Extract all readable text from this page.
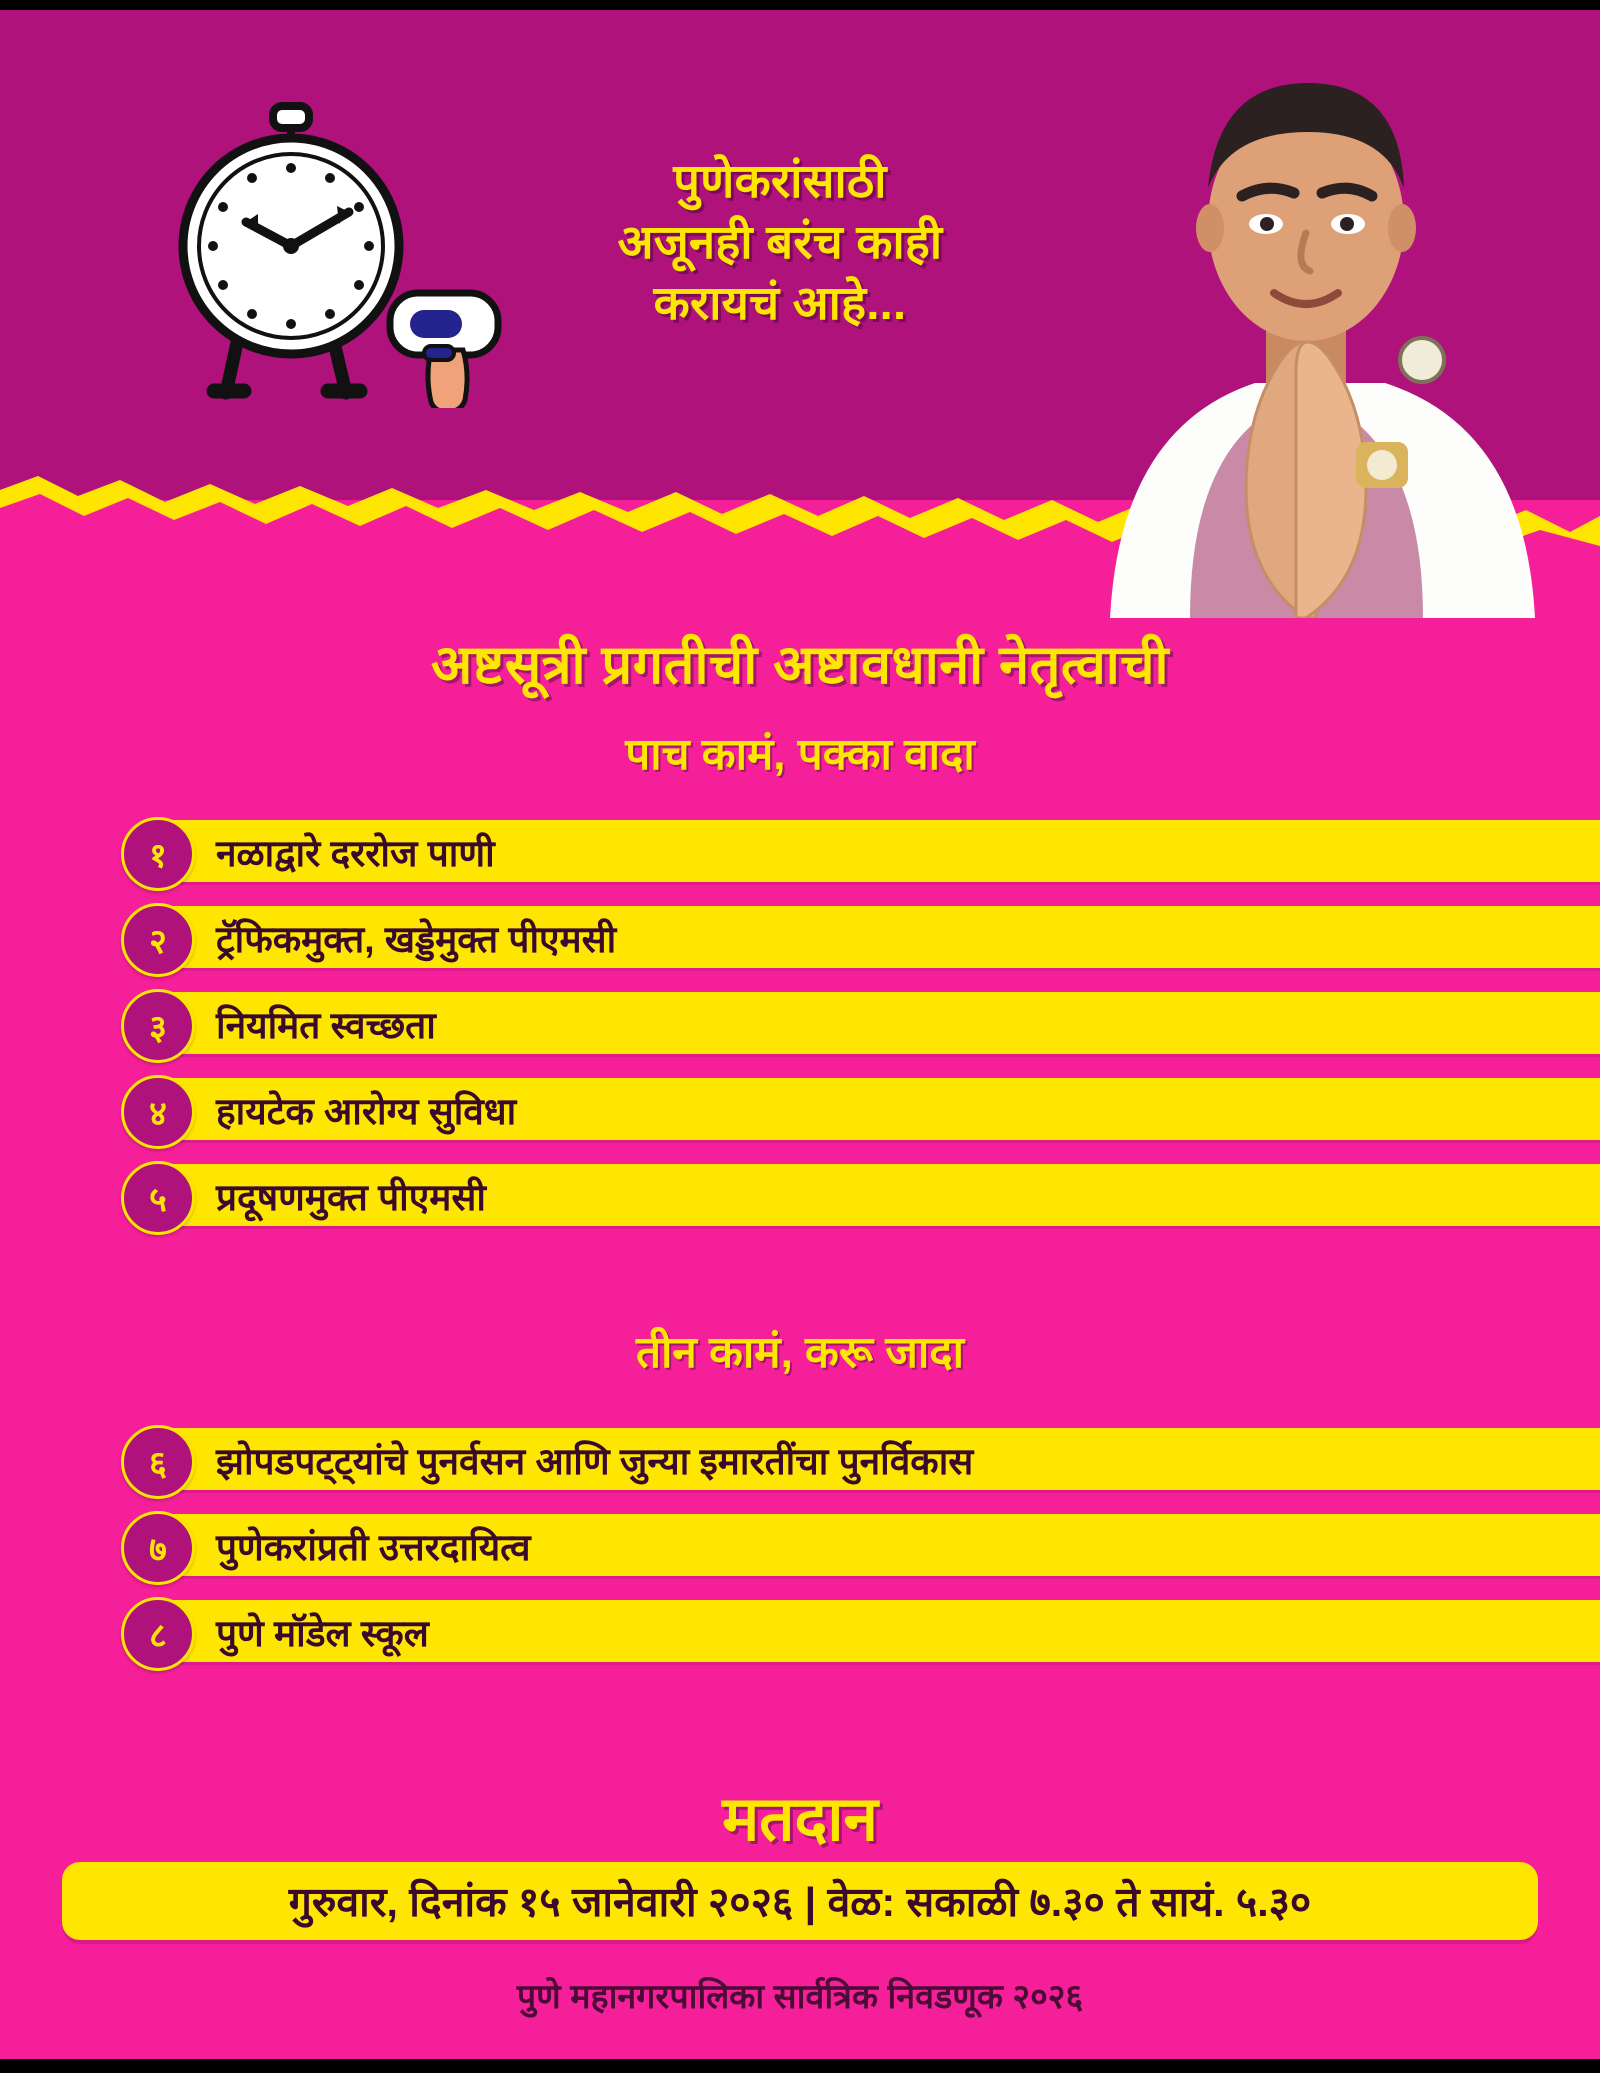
पुणेकरांसाठी
अजूनही बरंच काही
करायचं आहे...
अष्टसूत्री प्रगतीची अष्टावधानी नेतृत्वाची
पाच कामं, पक्का वादा
१	नळाद्वारे दररोज पाणी
२	ट्रॅफिकमुक्त, खड्डेमुक्त पीएमसी
३	नियमित स्वच्छता
४	हायटेक आरोग्य सुविधा
५	प्रदूषणमुक्त पीएमसी
तीन कामं, करू जादा
६	झोपडपट्ट्यांचे पुनर्वसन आणि जुन्या इमारतींचा पुनर्विकास
७	पुणेकरांप्रती उत्तरदायित्व
८	पुणे मॉडेल स्कूल
मतदान
गुरुवार, दिनांक १५ जानेवारी २०२६ | वेळ: सकाळी ७.३० ते सायं. ५.३०
पुणे महानगरपालिका सार्वत्रिक निवडणूक २०२६
